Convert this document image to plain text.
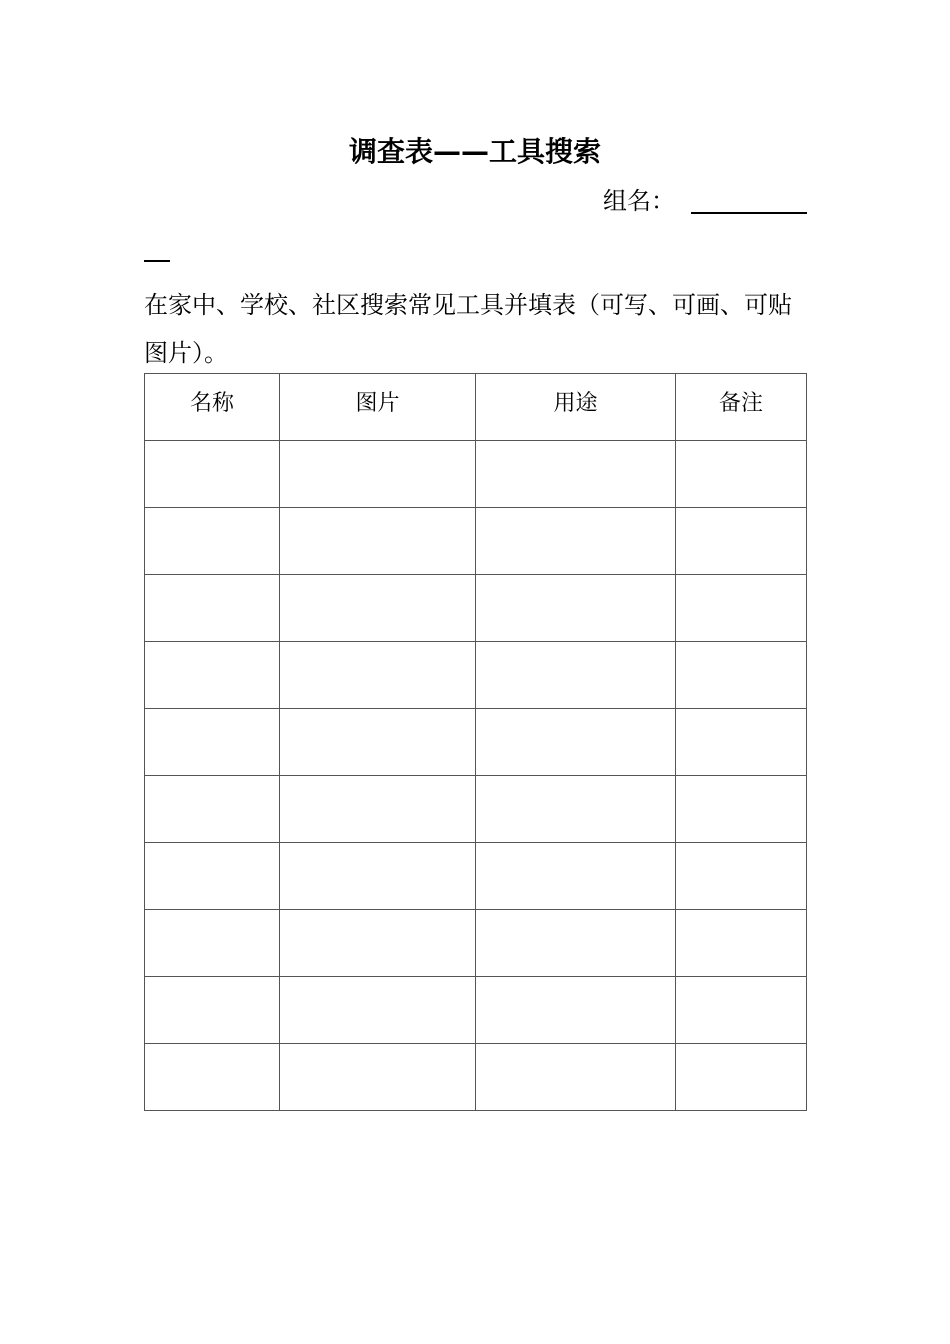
调查表——工具搜索
组名：

在家中、学校、社区搜索常见工具并填表（可写、可画、可贴图片）。

名称	图片	用途	备注
